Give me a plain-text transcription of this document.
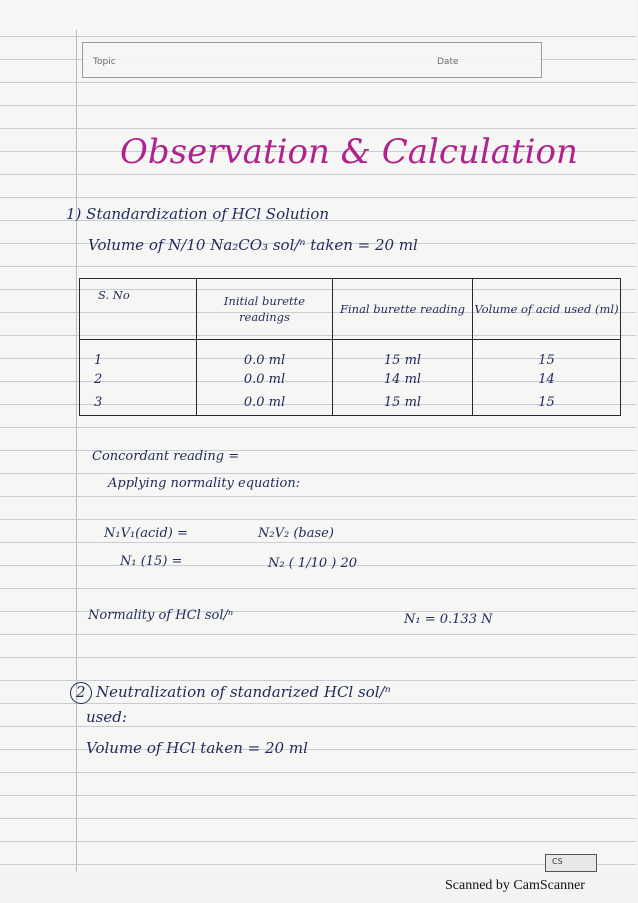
Topic	Date
Observation & Calculation
1) Standardization of HCl Solution
Volume of N/10 Na₂CO₃ sol/ⁿ taken = 20 ml
S. No	Initial burette readings	Final burette reading	Volume of acid used (ml)
1	0.0 ml	15 ml	15
2	0.0 ml	14 ml	14
3	0.0 ml	15 ml	15
Concordant reading =
Applying normality equation:
N₁V₁(acid) =	N₂V₂ (base)
N₁ (15) =	N₂ ( 1/10 ) 20
Normality of HCl sol/ⁿ	N₁ = 0.133 N
2 Neutralization of standarized HCl sol/ⁿ
used:
Volume of HCl taken = 20 ml
CS
Scanned by CamScanner
